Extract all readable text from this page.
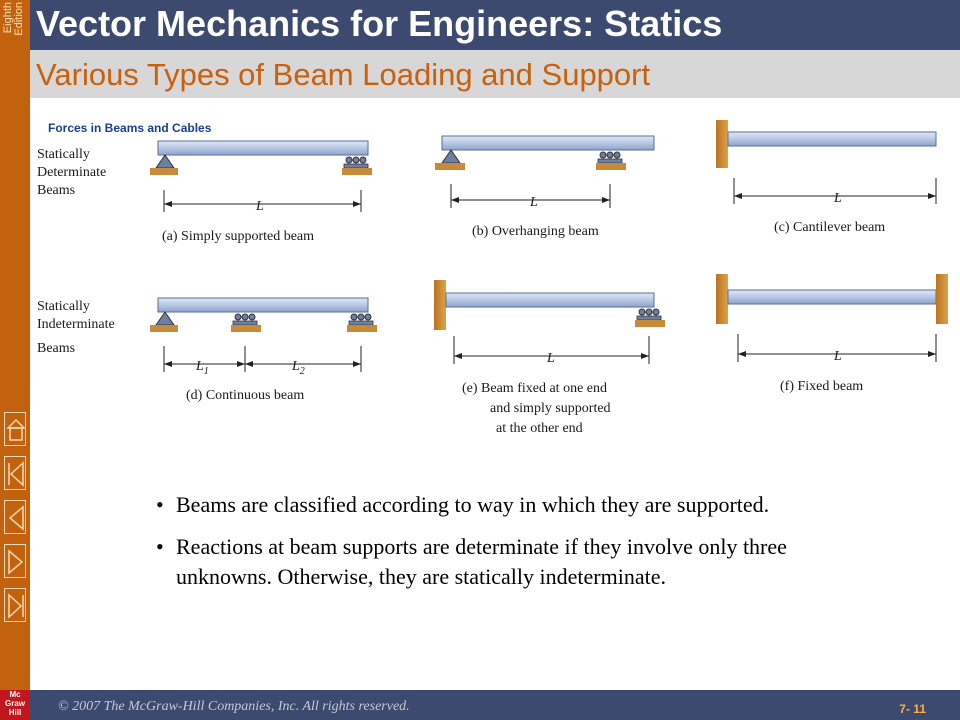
Eighth Edition Vector Mechanics for Engineers: Statics
Various Types of Beam Loading and Support
Forces in Beams and Cables
Statically
Determinate
Beams
L
(a) Simply supported beam
L
(b) Overhanging beam
L
(c) Cantilever beam
Statically
Indeterminate
Beams
$L_1$	$L_2$
(d) Continuous beam
L
(e) Beam fixed at one end
and simply supported
at the other end
L
(f) Fixed beam
• Beams are classified according to way in which they are supported.
• Reactions at beam supports are determinate if they involve only three unknowns. Otherwise, they are statically indeterminate.
© 2007 The McGraw-Hill Companies, Inc. All rights reserved.	7- 11
Mc
Graw
Hill
